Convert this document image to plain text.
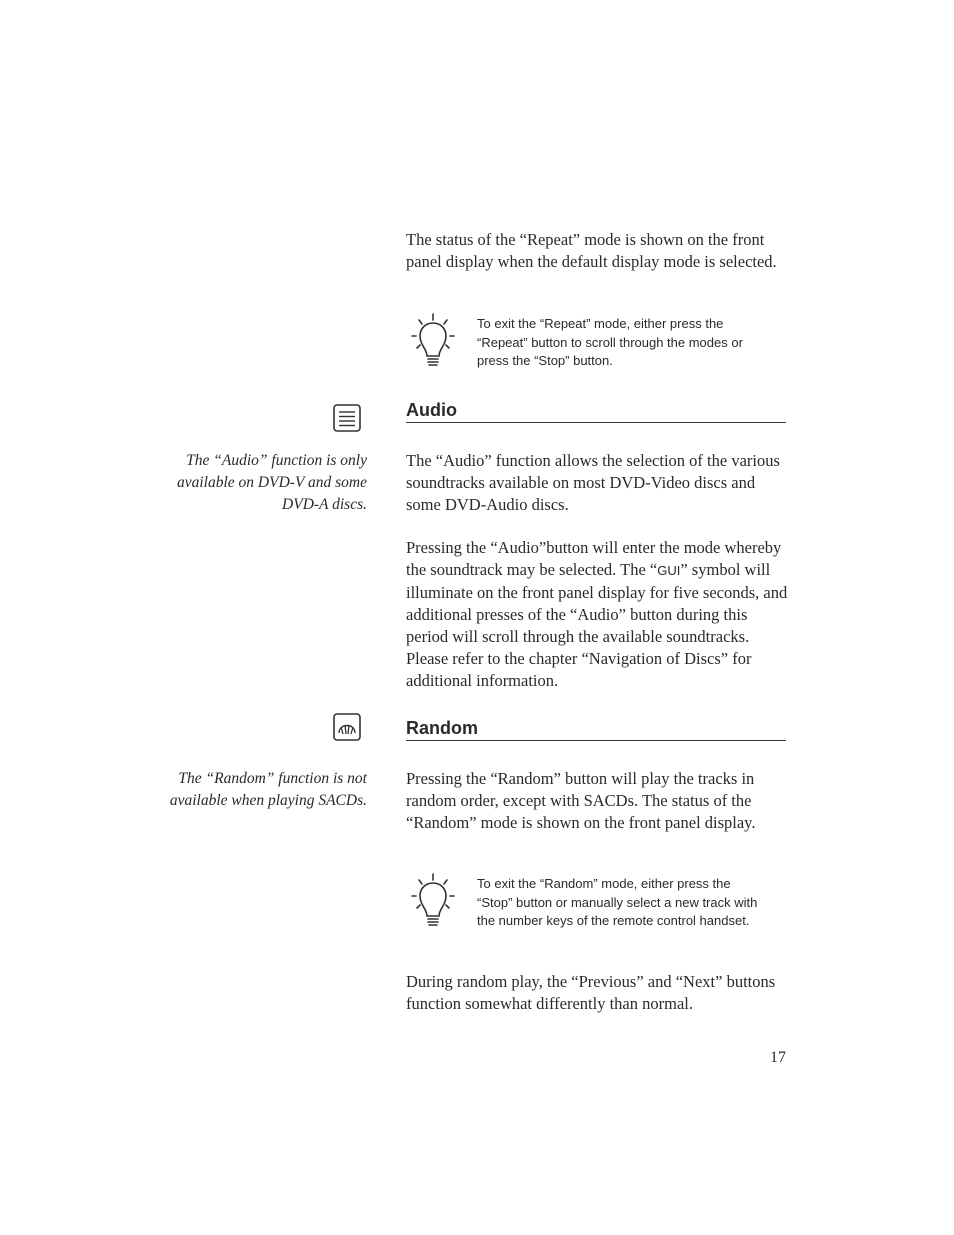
The status of the “Repeat” mode is shown on the front panel display when the default display mode is selected.

To exit the “Repeat” mode, either press the “Repeat” button to scroll through the modes or press the “Stop” button.

Audio

The “Audio” function is only available on DVD-V and some DVD-A discs.

The “Audio” function allows the selection of the various soundtracks available on most DVD-Video discs and some DVD-Audio discs.

Pressing the “Audio”button will enter the mode whereby the soundtrack may be selected. The “GUI” symbol will illuminate on the front panel display for five seconds, and additional presses of the “Audio” button during this period will scroll through the available soundtracks. Please refer to the chapter “Navigation of Discs” for additional information.

Random

The “Random” function is not available when playing SACDs.

Pressing the “Random” button will play the tracks in random order, except with SACDs. The status of the “Random” mode is shown on the front panel display.

To exit the “Random” mode, either press the “Stop” button or manually select a new track with the number keys of the remote control handset.

During random play, the “Previous” and “Next” buttons function somewhat differently than normal.

17
